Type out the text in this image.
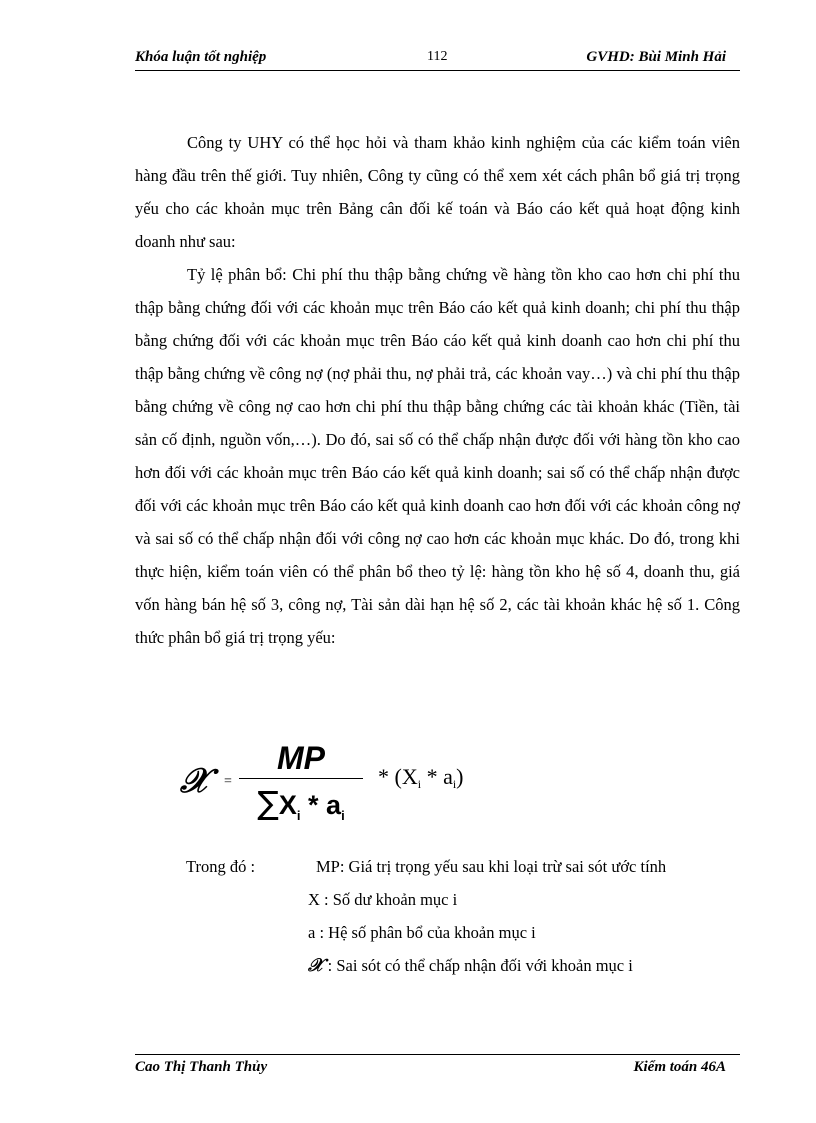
Khóa luận tốt nghiệp	112	GVHD: Bùi Minh Hải

Công ty UHY có thể học hỏi và tham khảo kinh nghiệm của các kiểm toán viên hàng đầu trên thế giới. Tuy nhiên, Công ty cũng có thể xem xét cách phân bổ giá trị trọng yếu cho các khoản mục trên Bảng cân đối kế toán và Báo cáo kết quả hoạt động kinh doanh như sau:

Tỷ lệ phân bổ: Chi phí thu thập bằng chứng về hàng tồn kho cao hơn chi phí thu thập bằng chứng đối với các khoản mục trên Báo cáo kết quả kinh doanh; chi phí thu thập bằng chứng đối với các khoản mục trên Báo cáo kết quả kinh doanh cao hơn chi phí thu thập bằng chứng về công nợ (nợ phải thu, nợ phải trả, các khoản vay…) và chi phí thu thập bằng chứng về công nợ cao hơn chi phí thu thập bằng chứng các tài khoản khác (Tiền, tài sản cố định, nguồn vốn,…). Do đó, sai số có thể chấp nhận được đối với hàng tồn kho cao hơn đối với các khoản mục trên Báo cáo kết quả kinh doanh; sai số có thể chấp nhận được đối với các khoản mục trên Báo cáo kết quả kinh doanh cao hơn đối với các khoản công nợ và sai số có thể chấp nhận đối với công nợ cao hơn các khoản mục khác. Do đó, trong khi thực hiện, kiểm toán viên có thể phân bổ theo tỷ lệ: hàng tồn kho hệ số 4, doanh thu, giá vốn hàng bán hệ số 3, công nợ, Tài sản dài hạn hệ số 2, các tài khoản khác hệ số 1. Công thức phân bổ giá trị trọng yếu:

𝒳 =
MP
$\sum X_i * a_i$
* $(X_i * a_i)$
Trong đó :	MP: Giá trị trọng yếu sau khi loại trừ sai sót ước tính
X : Số dư khoản mục i
a : Hệ số phân bổ của khoản mục i
𝒳 : Sai sót có thể chấp nhận đối với khoản mục i
Cao Thị Thanh Thủy	Kiểm toán 46A
